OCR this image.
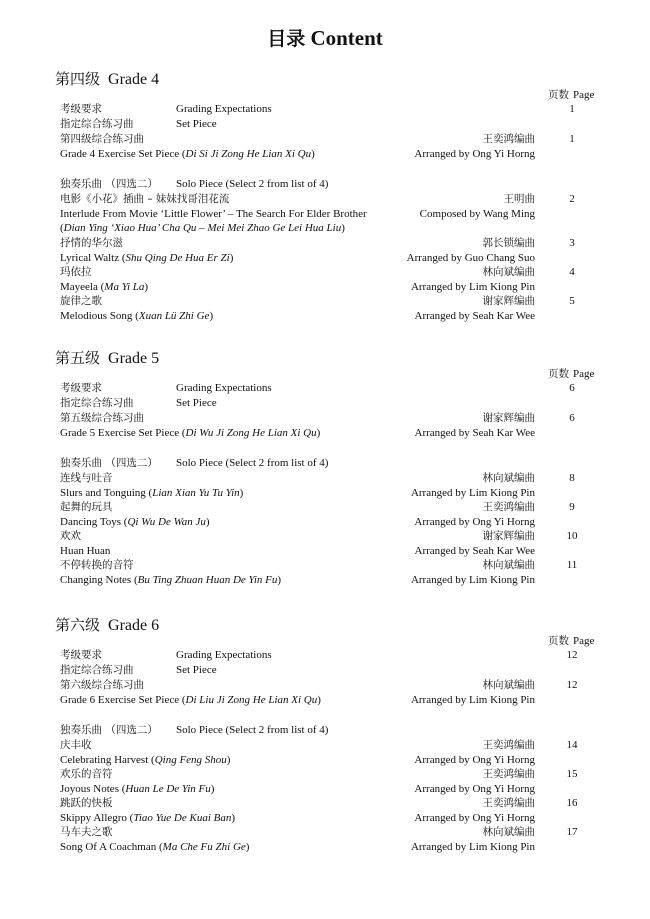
目录 Content
第四级 Grade 4
页数 Page
考级要求	Grading Expectations	1
指定综合练习曲	Set Piece
第四级综合练习曲	王奕鸿编曲	1
Grade 4 Exercise Set Piece (Di Si Ji Zong He Lian Xi Qu)	Arranged by Ong Yi Horng
独奏乐曲 （四选二） Solo Piece (Select 2 from list of 4)
电影《小花》插曲 – 妹妹找哥泪花流	王明曲	2
Interlude From Movie ‘Little Flower’ – The Search For Elder Brother	Composed by Wang Ming
(Dian Ying ‘Xiao Hua’ Cha Qu – Mei Mei Zhao Ge Lei Hua Liu)
抒情的华尔滋	郭长锁编曲	3
Lyrical Waltz (Shu Qing De Hua Er Zi)	Arranged by Guo Chang Suo
玛依拉	林向斌编曲	4
Mayeela (Ma Yi La)	Arranged by Lim Kiong Pin
旋律之歌	谢家辉编曲	5
Melodious Song (Xuan Lü Zhi Ge)	Arranged by Seah Kar Wee
第五级 Grade 5
页数 Page
考级要求	Grading Expectations	6
指定综合练习曲	Set Piece
第五级综合练习曲	谢家辉编曲	6
Grade 5 Exercise Set Piece (Di Wu Ji Zong He Lian Xi Qu)	Arranged by Seah Kar Wee
独奏乐曲 （四选二） Solo Piece (Select 2 from list of 4)
连线与吐音	林向斌编曲	8
Slurs and Tonguing (Lian Xian Yu Tu Yin)	Arranged by Lim Kiong Pin
起舞的玩具	王奕鸿编曲	9
Dancing Toys (Qi Wu De Wan Ju)	Arranged by Ong Yi Horng
欢欢	谢家辉编曲	10
Huan Huan	Arranged by Seah Kar Wee
不停转换的音符	林向斌编曲	11
Changing Notes (Bu Ting Zhuan Huan De Yin Fu)	Arranged by Lim Kiong Pin
第六级 Grade 6
页数 Page
考级要求	Grading Expectations	12
指定综合练习曲	Set Piece
第六级综合练习曲	林向斌编曲	12
Grade 6 Exercise Set Piece (Di Liu Ji Zong He Lian Xi Qu)	Arranged by Lim Kiong Pin
独奏乐曲 （四选二） Solo Piece (Select 2 from list of 4)
庆丰收	王奕鸿编曲	14
Celebrating Harvest (Qing Feng Shou)	Arranged by Ong Yi Horng
欢乐的音符	王奕鸿编曲	15
Joyous Notes (Huan Le De Yin Fu)	Arranged by Ong Yi Horng
跳跃的快板	王奕鸿编曲	16
Skippy Allegro (Tiao Yue De Kuai Ban)	Arranged by Ong Yi Horng
马车夫之歌	林向斌编曲	17
Song Of A Coachman (Ma Che Fu Zhi Ge)	Arranged by Lim Kiong Pin
